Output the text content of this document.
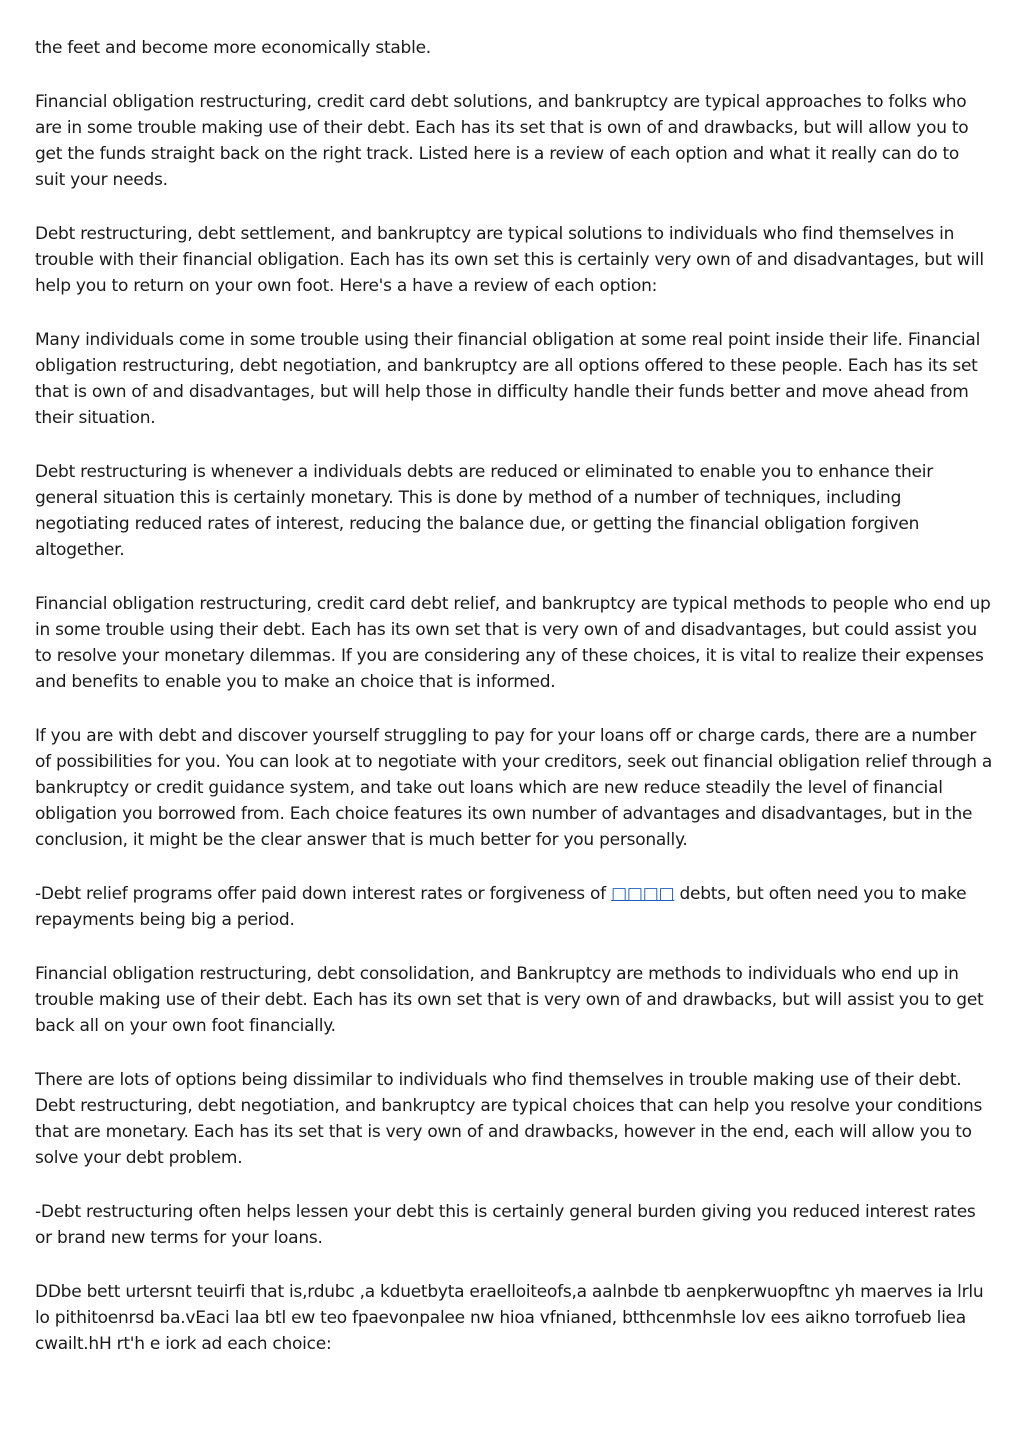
the feet and become more economically stable.

Financial obligation restructuring, credit card debt solutions, and bankruptcy are typical approaches to folks who are in some trouble making use of their debt. Each has its set that is own of and drawbacks, but will allow you to get the funds straight back on the right track. Listed here is a review of each option and what it really can do to suit your needs.

Debt restructuring, debt settlement, and bankruptcy are typical solutions to individuals who find themselves in trouble with their financial obligation. Each has its own set this is certainly very own of and disadvantages, but will help you to return on your own foot. Here's a have a review of each option:

Many individuals come in some trouble using their financial obligation at some real point inside their life. Financial obligation restructuring, debt negotiation, and bankruptcy are all options offered to these people. Each has its set that is own of and disadvantages, but will help those in difficulty handle their funds better and move ahead from their situation.

Debt restructuring is whenever a individuals debts are reduced or eliminated to enable you to enhance their general situation this is certainly monetary. This is done by method of a number of techniques, including negotiating reduced rates of interest, reducing the balance due, or getting the financial obligation forgiven altogether.

Financial obligation restructuring, credit card debt relief, and bankruptcy are typical methods to people who end up in some trouble using their debt. Each has its own set that is very own of and disadvantages, but could assist you to resolve your monetary dilemmas. If you are considering any of these choices, it is vital to realize their expenses and benefits to enable you to make an choice that is informed.

If you are with debt and discover yourself struggling to pay for your loans off or charge cards, there are a number of possibilities for you. You can look at to negotiate with your creditors, seek out financial obligation relief through a bankruptcy or credit guidance system, and take out loans which are new reduce steadily the level of financial obligation you borrowed from. Each choice features its own number of advantages and disadvantages, but in the conclusion, it might be the clear answer that is much better for you personally.

-Debt relief programs offer paid down interest rates or forgiveness of □□□□ debts, but often need you to make repayments being big a period.

Financial obligation restructuring, debt consolidation, and Bankruptcy are methods to individuals who end up in trouble making use of their debt. Each has its own set that is very own of and drawbacks, but will assist you to get back all on your own foot financially.

There are lots of options being dissimilar to individuals who find themselves in trouble making use of their debt. Debt restructuring, debt negotiation, and bankruptcy are typical choices that can help you resolve your conditions that are monetary. Each has its set that is very own of and drawbacks, however in the end, each will allow you to solve your debt problem.

-Debt restructuring often helps lessen your debt this is certainly general burden giving you reduced interest rates or brand new terms for your loans.

DDbe bett urtersnt teuirfi that is,rdubc ,a kduetbyta eraelloiteofs,a aalnbde tb aenpkerwuopftnc yh maerves ia lrlu lo pithitoenrsd ba.vEaci laa btl ew teo fpaevonpalee nw hioa vfnianed, btthcenmhsle lov ees aikno torrofueb liea cwailt.hH rt'h e iork ad each choice:
